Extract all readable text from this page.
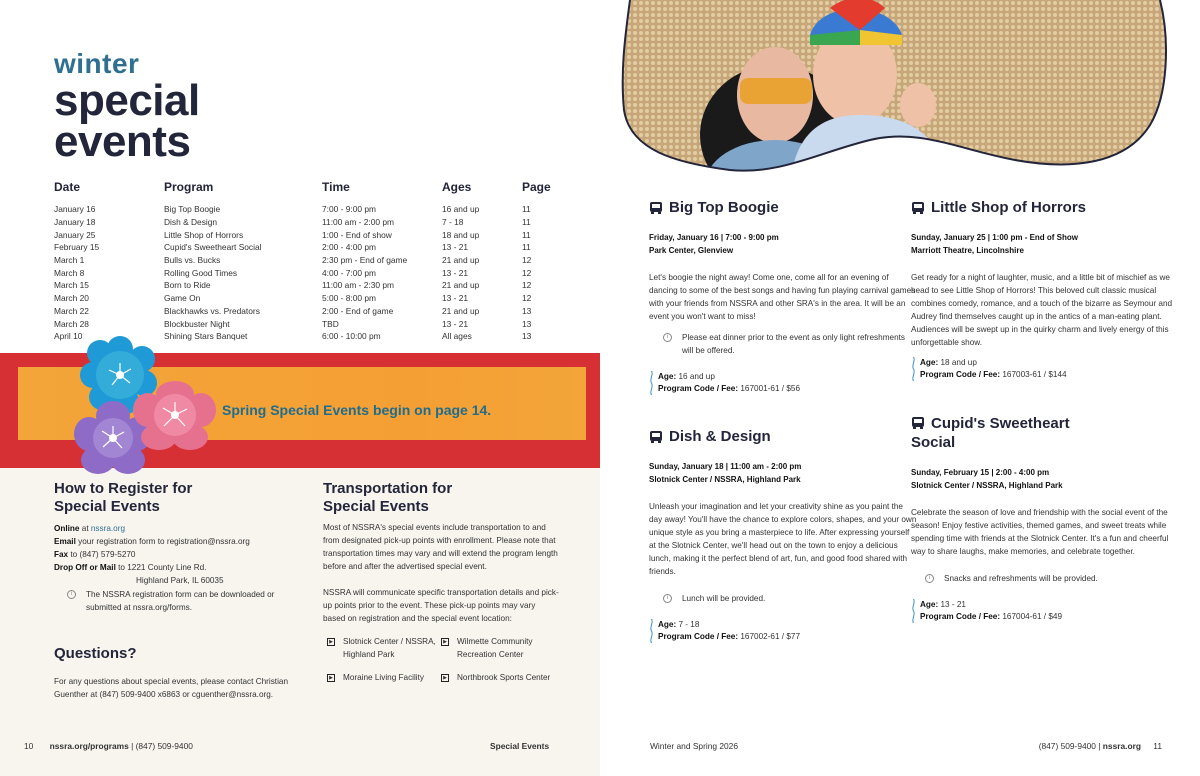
winter
special
events
Date	Program	Time	Ages	Page
January 16	Big Top Boogie	7:00 - 9:00 pm	16 and up	11
January 18	Dish & Design	11:00 am - 2:00 pm	7 - 18	11
January 25	Little Shop of Horrors	1:00 - End of show	18 and up	11
February 15	Cupid's Sweetheart Social	2:00 - 4:00 pm	13 - 21	11
March 1	Bulls vs. Bucks	2:30 pm - End of game	21 and up	12
March 8	Rolling Good Times	4:00 - 7:00 pm	13 - 21	12
March 15	Born to Ride	11:00 am - 2:30 pm	21 and up	12
March 20	Game On	5:00 - 8:00 pm	13 - 21	12
March 22	Blackhawks vs. Predators	2:00 - End of game	21 and up	13
March 28	Blockbuster Night	TBD	13 - 21	13
April 10	Shining Stars Banquet	6:00 - 10:00 pm	All ages	13
Spring Special Events begin on page 14.
How to Register for
Special Events
Online at nssra.org
Email your registration form to registration@nssra.org
Fax to (847) 579-5270
Drop Off or Mail to 1221 County Line Rd.
Highland Park, IL 60035
i	The NSSRA registration form can be downloaded or submitted at nssra.org/forms.
Questions?
For any questions about special events, please contact Christian Guenther at (847) 509-9400 x6863 or cguenther@nssra.org.
Transportation for
Special Events
Most of NSSRA's special events include transportation to and from designated pick-up points with enrollment. Please note that transportation times may vary and will extend the program length before and after the advertised special event.
NSSRA will communicate specific transportation details and pick-up points prior to the event. These pick-up points may vary based on registration and the special event location:
▶ Slotnick Center / NSSRA, Highland Park
▶ Wilmette Community Recreation Center
▶ Moraine Living Facility	▶ Northbrook Sports Center
10 nssra.org/programs | (847) 509-9400	Special Events
Big Top Boogie
Friday, January 16 | 7:00 - 9:00 pm
Park Center, Glenview
Let's boogie the night away! Come one, come all for an evening of dancing to some of the best songs and having fun playing carnival games with your friends from NSSRA and other SRA's in the area. It will be an event you won't want to miss!
i	Please eat dinner prior to the event as only light refreshments will be offered.
Age: 16 and up
Program Code / Fee: 167001-61 / $56
Dish & Design
Sunday, January 18 | 11:00 am - 2:00 pm
Slotnick Center / NSSRA, Highland Park
Unleash your imagination and let your creativity shine as you paint the day away! You'll have the chance to explore colors, shapes, and your own unique style as you bring a masterpiece to life. After expressing yourself at the Slotnick Center, we'll head out on the town to enjoy a delicious lunch, making it the perfect blend of art, fun, and good food shared with friends.
i	Lunch will be provided.
Age: 7 - 18
Program Code / Fee: 167002-61 / $77
Little Shop of Horrors
Sunday, January 25 | 1:00 pm - End of Show
Marriott Theatre, Lincolnshire
Get ready for a night of laughter, music, and a little bit of mischief as we head to see Little Shop of Horrors! This beloved cult classic musical combines comedy, romance, and a touch of the bizarre as Seymour and Audrey find themselves caught up in the antics of a man-eating plant. Audiences will be swept up in the quirky charm and lively energy of this unforgettable show.
Age: 18 and up
Program Code / Fee: 167003-61 / $144
Cupid's Sweetheart
Social
Sunday, February 15 | 2:00 - 4:00 pm
Slotnick Center / NSSRA, Highland Park
Celebrate the season of love and friendship with the social event of the season! Enjoy festive activities, themed games, and sweet treats while spending time with friends at the Slotnick Center. It's a fun and cheerful way to share laughs, make memories, and celebrate together.
i	Snacks and refreshments will be provided.
Age: 13 - 21
Program Code / Fee: 167004-61 / $49
Winter and Spring 2026	(847) 509-9400 | nssra.org 11
